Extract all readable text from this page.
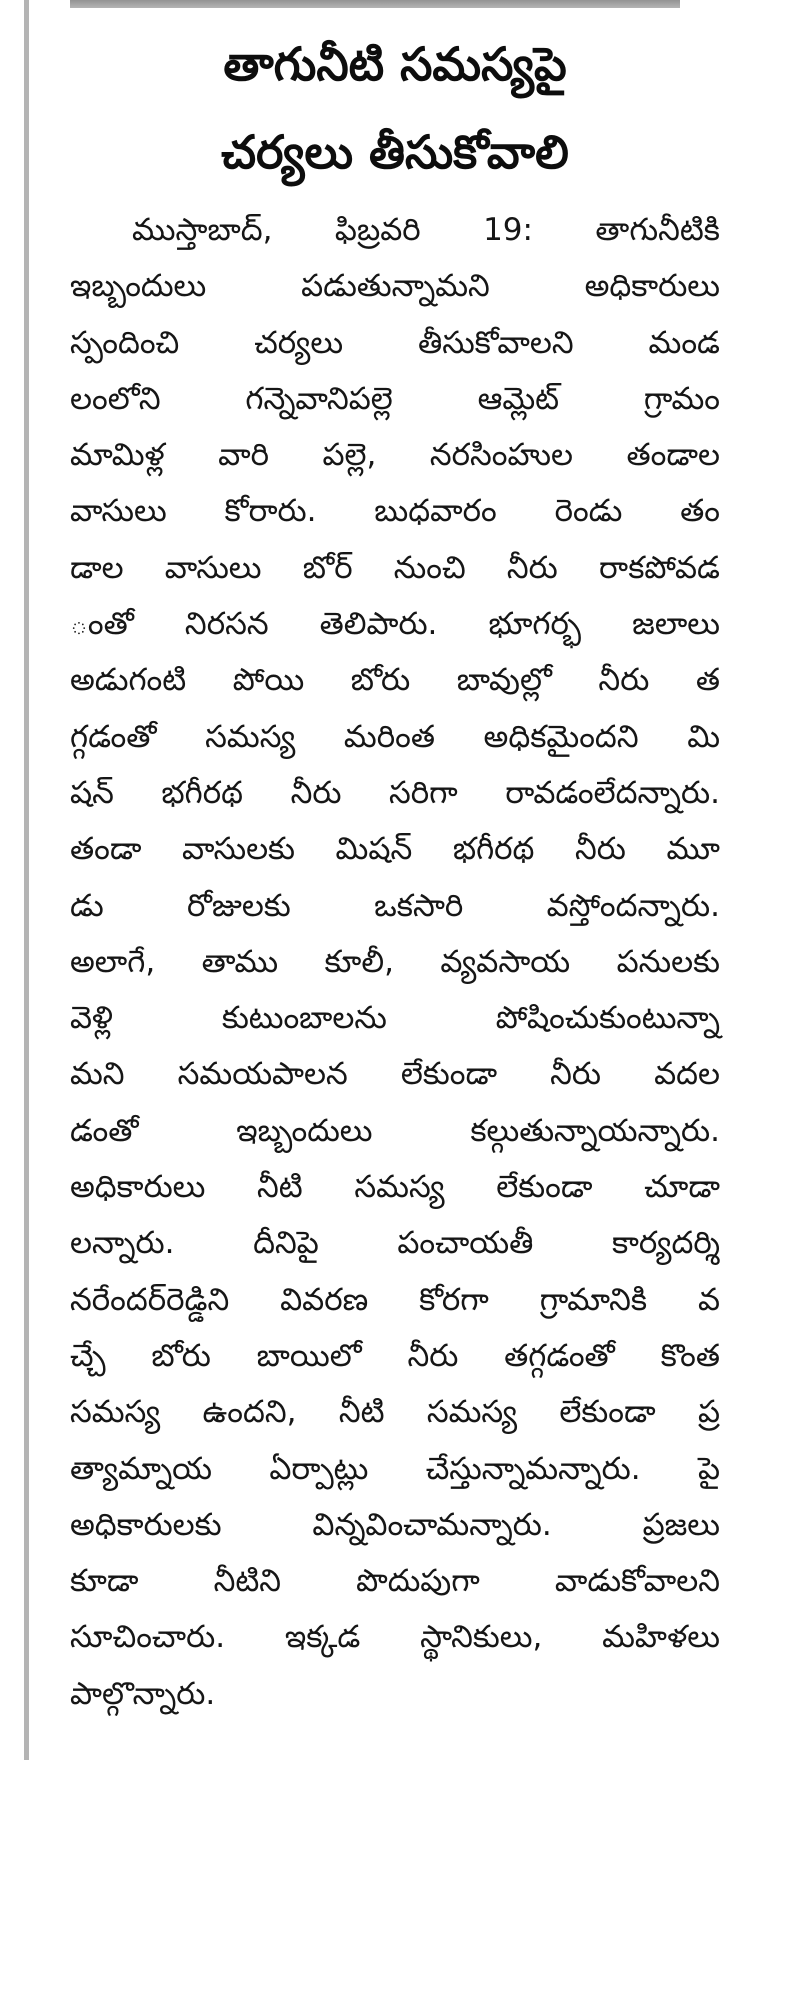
తాగునీటి సమస్యపై
చర్యలు తీసుకోవాలి
ముస్తాబాద్, ఫిబ్రవరి 19: తాగునీటికి
ఇబ్బందులు పడుతున్నామని అధికారులు
స్పందించి చర్యలు తీసుకోవాలని మండ
లంలోని గన్నెవానిపల్లె ఆమ్లెట్ గ్రామం
మామిళ్ల వారి పల్లె, నరసింహుల తండాల
వాసులు కోరారు. బుధవారం రెండు తం
డాల వాసులు బోర్ నుంచి నీరు రాకపోవడ
ంతో నిరసన తెలిపారు. భూగర్భ జలాలు
అడుగంటి పోయి బోరు బావుల్లో నీరు త
గ్గడంతో సమస్య మరింత అధికమైందని మి
షన్ భగీరథ నీరు సరిగా రావడంలేదన్నారు.
తండా వాసులకు మిషన్ భగీరథ నీరు మూ
డు రోజులకు ఒకసారి వస్తోందన్నారు.
అలాగే, తాము కూలీ, వ్యవసాయ పనులకు
వెళ్లి కుటుంబాలను పోషించుకుంటున్నా
మని సమయపాలన లేకుండా నీరు వదల
డంతో ఇబ్బందులు కల్గుతున్నాయన్నారు.
అధికారులు నీటి సమస్య లేకుండా చూడా
లన్నారు. దీనిపై పంచాయతీ కార్యదర్శి
నరేందర్‌రెడ్డిని వివరణ కోరగా గ్రామానికి వ
చ్చే బోరు బాయిలో నీరు తగ్గడంతో కొంత
సమస్య ఉందని, నీటి సమస్య లేకుండా ప్ర
త్యామ్నాయ ఏర్పాట్లు చేస్తున్నామన్నారు. పై
అధికారులకు విన్నవించామన్నారు. ప్రజలు
కూడా నీటిని పొదుపుగా వాడుకోవాలని
సూచించారు. ఇక్కడ స్థానికులు, మహిళలు
పాల్గొన్నారు.
